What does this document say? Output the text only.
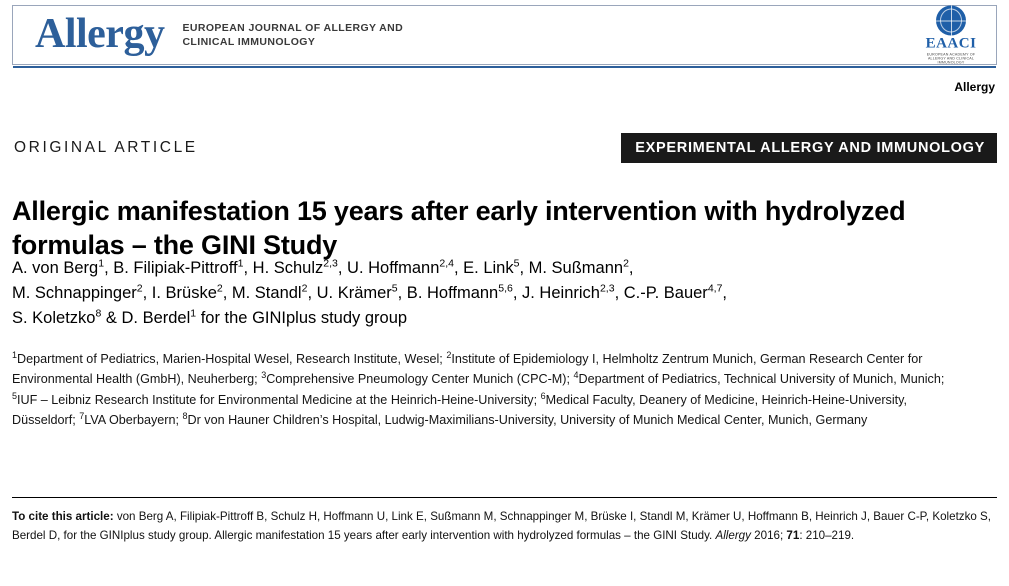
Allergy EUROPEAN JOURNAL OF ALLERGY AND CLINICAL IMMUNOLOGY	EAACI
EUROPEAN ACADEMY OF ALLERGY AND CLINICAL IMMUNOLOGY
Allergy
ORIGINAL ARTICLE	EXPERIMENTAL ALLERGY AND IMMUNOLOGY
Allergic manifestation 15 years after early intervention with hydrolyzed formulas – the GINI Study
A. von Berg$^1$, B. Filipiak-Pittroff$^1$, H. Schulz$^{2,3}$, U. Hoffmann$^{2,4}$, E. Link$^5$, M. Sußmann$^2$,
M. Schnappinger$^2$, I. Brüske$^2$, M. Standl$^2$, U. Krämer$^5$, B. Hoffmann$^{5,6}$, J. Heinrich$^{2,3}$, C.-P. Bauer$^{4,7}$,
S. Koletzko$^8$ & D. Berdel$^1$ for the GINIplus study group
$^1$Department of Pediatrics, Marien-Hospital Wesel, Research Institute, Wesel; $^2$Institute of Epidemiology I, Helmholtz Zentrum Munich, German Research Center for Environmental Health (GmbH), Neuherberg; $^3$Comprehensive Pneumology Center Munich (CPC-M); $^4$Department of Pediatrics, Technical University of Munich, Munich; $^5$IUF – Leibniz Research Institute for Environmental Medicine at the Heinrich-Heine-University; $^6$Medical Faculty, Deanery of Medicine, Heinrich-Heine-University, Düsseldorf; $^7$LVA Oberbayern; $^8$Dr von Hauner Children’s Hospital, Ludwig-Maximilians-University, University of Munich Medical Center, Munich, Germany
To cite this article: von Berg A, Filipiak-Pittroff B, Schulz H, Hoffmann U, Link E, Sußmann M, Schnappinger M, Brüske I, Standl M, Krämer U, Hoffmann B, Heinrich J, Bauer C-P, Koletzko S, Berdel D, for the GINIplus study group. Allergic manifestation 15 years after early intervention with hydrolyzed formulas – the GINI Study. Allergy 2016; 71: 210–219.
